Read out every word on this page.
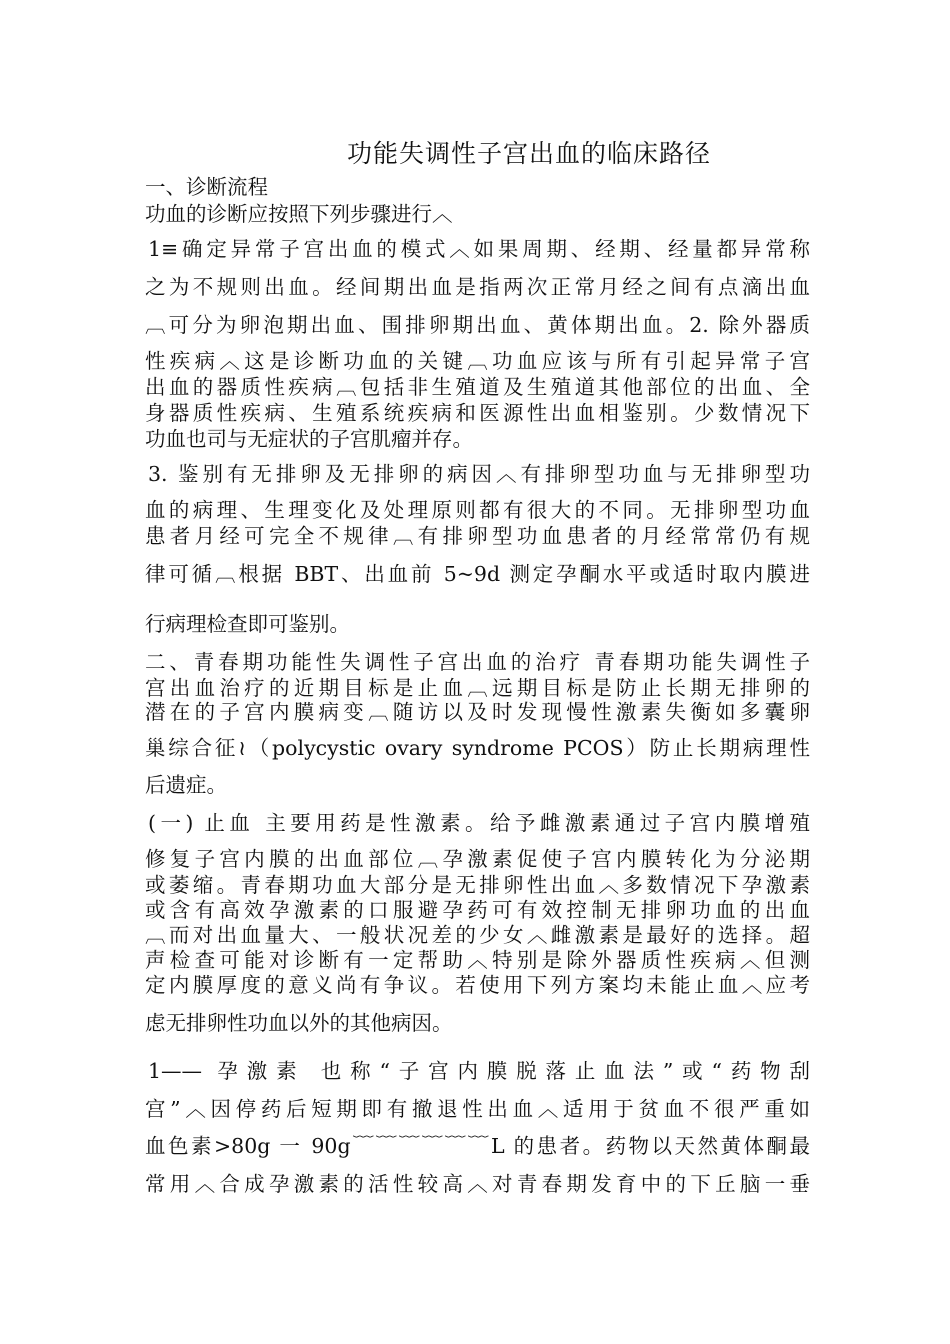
功能失调性子宫出血的临床路径
一、诊断流程
功血的诊断应按照下列步骤进行︿
1≡确定异常子宫出血的模式︿如果周期、经期、经量都异常称
之为不规则出血。经间期出血是指两次正常月经之间有点滴出血
︹可分为卵泡期出血、围排卵期出血、黄体期出血。2. 除外器质
性疾病︿这是诊断功血的关键︹功血应该与所有引起异常子宫
出血的器质性疾病︹包括非生殖道及生殖道其他部位的出血、全
身器质性疾病、生殖系统疾病和医源性出血相鉴别。少数情况下
功血也司与无症状的子宫肌瘤并存。
3. 鉴别有无排卵及无排卵的病因︿有排卵型功血与无排卵型功
血的病理、生理变化及处理原则都有很大的不同。无排卵型功血
患者月经可完全不规律︹有排卵型功血患者的月经常常仍有规
律可循︹根据 BBT、出血前 5~9d 测定孕酮水平或适时取内膜进
行病理检查即可鉴别。
二、青春期功能性失调性子宫出血的治疗 青春期功能失调性子
宫出血治疗的近期目标是止血︹远期目标是防止长期无排卵的
潜在的子宫内膜病变︹随访以及时发现慢性激素失衡如多囊卵
巢综合征≀（polycystic ovary syndrome PCOS）防止长期病理性
后遗症。
(一) 止血 主要用药是性激素。给予雌激素通过子宫内膜增殖
修复子宫内膜的出血部位︹孕激素促使子宫内膜转化为分泌期
或萎缩。青春期功血大部分是无排卵性出血︿多数情况下孕激素
或含有高效孕激素的口服避孕药可有效控制无排卵功血的出血
︹而对出血量大、一般状况差的少女︿雌激素是最好的选择。超
声检查可能对诊断有一定帮助︿特别是除外器质性疾病︿但测
定内膜厚度的意义尚有争议。若使用下列方案均未能止血︿应考
虑无排卵性功血以外的其他病因。
1—— 孕激素 也称“子宫内膜脱落止血法”或“药物刮
宫”︿因停药后短期即有撤退性出血︿适用于贫血不很严重如
血色素>80g 一 90g﹋﹋﹋﹋﹋﹋L 的患者。药物以天然黄体酮最
常用︿合成孕激素的活性较高︿对青春期发育中的下丘脑一垂
